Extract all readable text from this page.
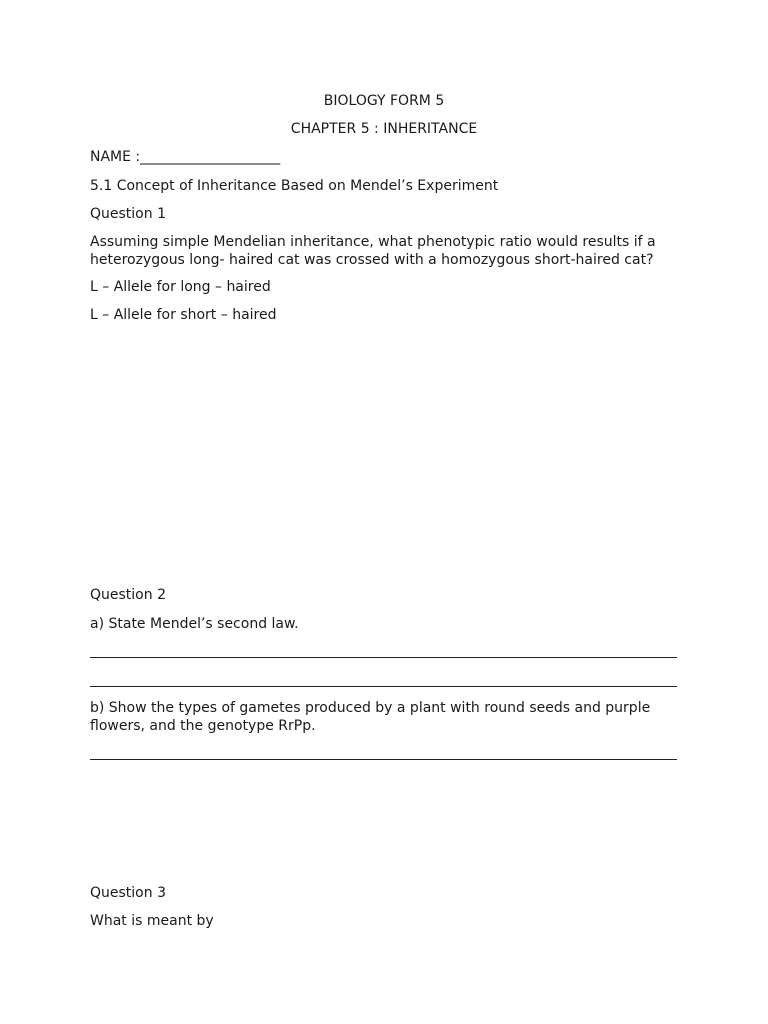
BIOLOGY FORM 5
CHAPTER 5 : INHERITANCE
NAME :____________________
5.1 Concept of Inheritance Based on Mendel’s Experiment
Question 1
Assuming simple Mendelian inheritance, what phenotypic ratio would results if a heterozygous long- haired cat was crossed with a homozygous short-haired cat?
L – Allele for long – haired
L – Allele for short – haired
Question 2
a) State Mendel’s second law.
b) Show the types of gametes produced by a plant with round seeds and purple flowers, and the genotype RrPp.
Question 3
What is meant by
